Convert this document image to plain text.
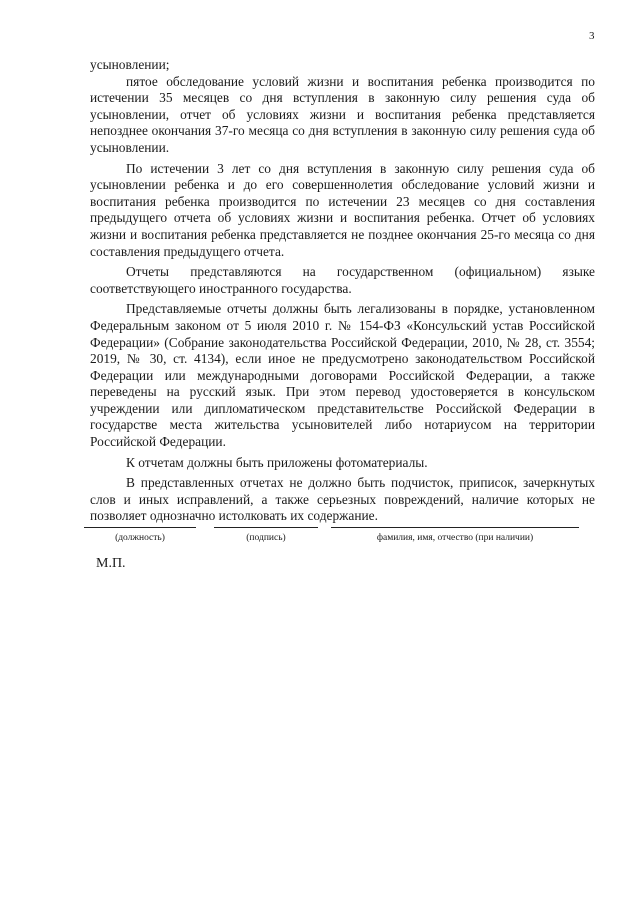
3

усыновлении;

пятое обследование условий жизни и воспитания ребенка производится по истечении 35 месяцев со дня вступления в законную силу решения суда об усыновлении, отчет об условиях жизни и воспитания ребенка представляется непозднее окончания 37-го месяца со дня вступления в законную силу решения суда об усыновлении.

По истечении 3 лет со дня вступления в законную силу решения суда об усыновлении ребенка и до его совершеннолетия обследование условий жизни и воспитания ребенка производится по истечении 23 месяцев со дня составления предыдущего отчета об условиях жизни и воспитания ребенка. Отчет об условиях жизни и воспитания ребенка представляется не позднее окончания 25-го месяца со дня составления предыдущего отчета.

Отчеты представляются на государственном (официальном) языке соответствующего иностранного государства.

Представляемые отчеты должны быть легализованы в порядке, установленном Федеральным законом от 5 июля 2010 г. № 154-ФЗ «Консульский устав Российской Федерации» (Собрание законодательства Российской Федерации, 2010, № 28, ст. 3554; 2019, № 30, ст. 4134), если иное не предусмотрено законодательством Российской Федерации или международными договорами Российской Федерации, а также переведены на русский язык. При этом перевод удостоверяется в консульском учреждении или дипломатическом представительстве Российской Федерации в государстве места жительства усыновителей либо нотариусом на территории Российской Федерации.

К отчетам должны быть приложены фотоматериалы.

В представленных отчетах не должно быть подчисток, приписок, зачеркнутых слов и иных исправлений, а также серьезных повреждений, наличие которых не позволяет однозначно истолковать их содержание.

(должность)	(подпись)	фамилия, имя, отчество (при наличии)
М.П.
